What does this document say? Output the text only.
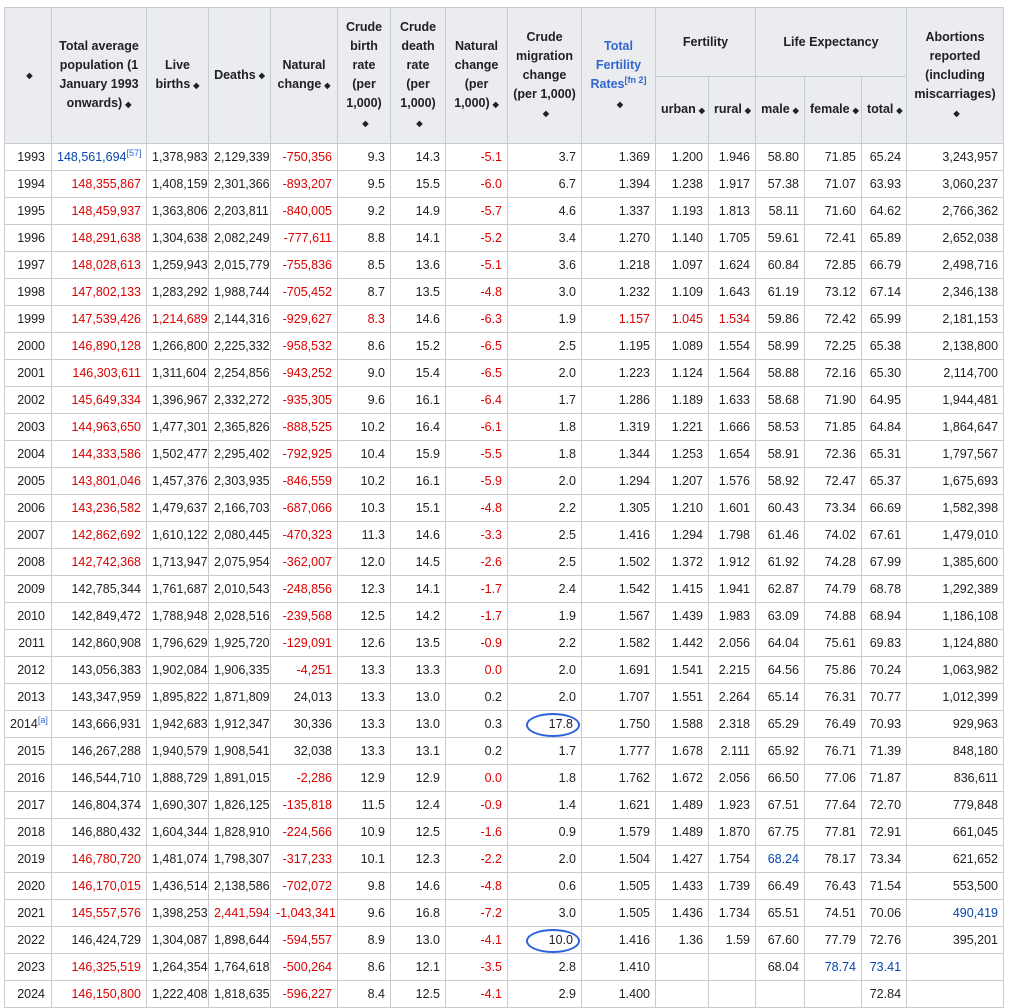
◆	Total average population (1 January 1993 onwards) ◆	Live births ◆	Deaths ◆	Natural change ◆	Crude birth rate (per 1,000)◆	Crude death rate (per 1,000)◆	Natural change (per 1,000) ◆	Crude migration change (per 1,000)◆	Total Fertility Rates[fn 2]◆	Fertility		Life Expectancy			Abortions reported (including miscarriages)◆
										urban ◆	rural ◆	male ◆	female ◆	total ◆	
1993	148,561,694[57]	1,378,983	2,129,339	-750,356	9.3	14.3	-5.1	3.7	1.369	1.200	1.946	58.80	71.85	65.24	3,243,957
1994	148,355,867	1,408,159	2,301,366	-893,207	9.5	15.5	-6.0	6.7	1.394	1.238	1.917	57.38	71.07	63.93	3,060,237
1995	148,459,937	1,363,806	2,203,811	-840,005	9.2	14.9	-5.7	4.6	1.337	1.193	1.813	58.11	71.60	64.62	2,766,362
1996	148,291,638	1,304,638	2,082,249	-777,611	8.8	14.1	-5.2	3.4	1.270	1.140	1.705	59.61	72.41	65.89	2,652,038
1997	148,028,613	1,259,943	2,015,779	-755,836	8.5	13.6	-5.1	3.6	1.218	1.097	1.624	60.84	72.85	66.79	2,498,716
1998	147,802,133	1,283,292	1,988,744	-705,452	8.7	13.5	-4.8	3.0	1.232	1.109	1.643	61.19	73.12	67.14	2,346,138
1999	147,539,426	1,214,689	2,144,316	-929,627	8.3	14.6	-6.3	1.9	1.157	1.045	1.534	59.86	72.42	65.99	2,181,153
2000	146,890,128	1,266,800	2,225,332	-958,532	8.6	15.2	-6.5	2.5	1.195	1.089	1.554	58.99	72.25	65.38	2,138,800
2001	146,303,611	1,311,604	2,254,856	-943,252	9.0	15.4	-6.5	2.0	1.223	1.124	1.564	58.88	72.16	65.30	2,114,700
2002	145,649,334	1,396,967	2,332,272	-935,305	9.6	16.1	-6.4	1.7	1.286	1.189	1.633	58.68	71.90	64.95	1,944,481
2003	144,963,650	1,477,301	2,365,826	-888,525	10.2	16.4	-6.1	1.8	1.319	1.221	1.666	58.53	71.85	64.84	1,864,647
2004	144,333,586	1,502,477	2,295,402	-792,925	10.4	15.9	-5.5	1.8	1.344	1.253	1.654	58.91	72.36	65.31	1,797,567
2005	143,801,046	1,457,376	2,303,935	-846,559	10.2	16.1	-5.9	2.0	1.294	1.207	1.576	58.92	72.47	65.37	1,675,693
2006	143,236,582	1,479,637	2,166,703	-687,066	10.3	15.1	-4.8	2.2	1.305	1.210	1.601	60.43	73.34	66.69	1,582,398
2007	142,862,692	1,610,122	2,080,445	-470,323	11.3	14.6	-3.3	2.5	1.416	1.294	1.798	61.46	74.02	67.61	1,479,010
2008	142,742,368	1,713,947	2,075,954	-362,007	12.0	14.5	-2.6	2.5	1.502	1.372	1.912	61.92	74.28	67.99	1,385,600
2009	142,785,344	1,761,687	2,010,543	-248,856	12.3	14.1	-1.7	2.4	1.542	1.415	1.941	62.87	74.79	68.78	1,292,389
2010	142,849,472	1,788,948	2,028,516	-239,568	12.5	14.2	-1.7	1.9	1.567	1.439	1.983	63.09	74.88	68.94	1,186,108
2011	142,860,908	1,796,629	1,925,720	-129,091	12.6	13.5	-0.9	2.2	1.582	1.442	2.056	64.04	75.61	69.83	1,124,880
2012	143,056,383	1,902,084	1,906,335	-4,251	13.3	13.3	0.0	2.0	1.691	1.541	2.215	64.56	75.86	70.24	1,063,982
2013	143,347,959	1,895,822	1,871,809	24,013	13.3	13.0	0.2	2.0	1.707	1.551	2.264	65.14	76.31	70.77	1,012,399
2014[a]	143,666,931	1,942,683	1,912,347	30,336	13.3	13.0	0.3	17.8	1.750	1.588	2.318	65.29	76.49	70.93	929,963
2015	146,267,288	1,940,579	1,908,541	32,038	13.3	13.1	0.2	1.7	1.777	1.678	2.111	65.92	76.71	71.39	848,180
2016	146,544,710	1,888,729	1,891,015	-2,286	12.9	12.9	0.0	1.8	1.762	1.672	2.056	66.50	77.06	71.87	836,611
2017	146,804,374	1,690,307	1,826,125	-135,818	11.5	12.4	-0.9	1.4	1.621	1.489	1.923	67.51	77.64	72.70	779,848
2018	146,880,432	1,604,344	1,828,910	-224,566	10.9	12.5	-1.6	0.9	1.579	1.489	1.870	67.75	77.81	72.91	661,045
2019	146,780,720	1,481,074	1,798,307	-317,233	10.1	12.3	-2.2	2.0	1.504	1.427	1.754	68.24	78.17	73.34	621,652
2020	146,170,015	1,436,514	2,138,586	-702,072	9.8	14.6	-4.8	0.6	1.505	1.433	1.739	66.49	76.43	71.54	553,500
2021	145,557,576	1,398,253	2,441,594	-1,043,341	9.6	16.8	-7.2	3.0	1.505	1.436	1.734	65.51	74.51	70.06	490,419
2022	146,424,729	1,304,087	1,898,644	-594,557	8.9	13.0	-4.1	10.0	1.416	1.36	1.59	67.60	77.79	72.76	395,201
2023	146,325,519	1,264,354	1,764,618	-500,264	8.6	12.1	-3.5	2.8	1.410			68.04	78.74	73.41	
2024	146,150,800	1,222,408	1,818,635	-596,227	8.4	12.5	-4.1	2.9	1.400					72.84	
